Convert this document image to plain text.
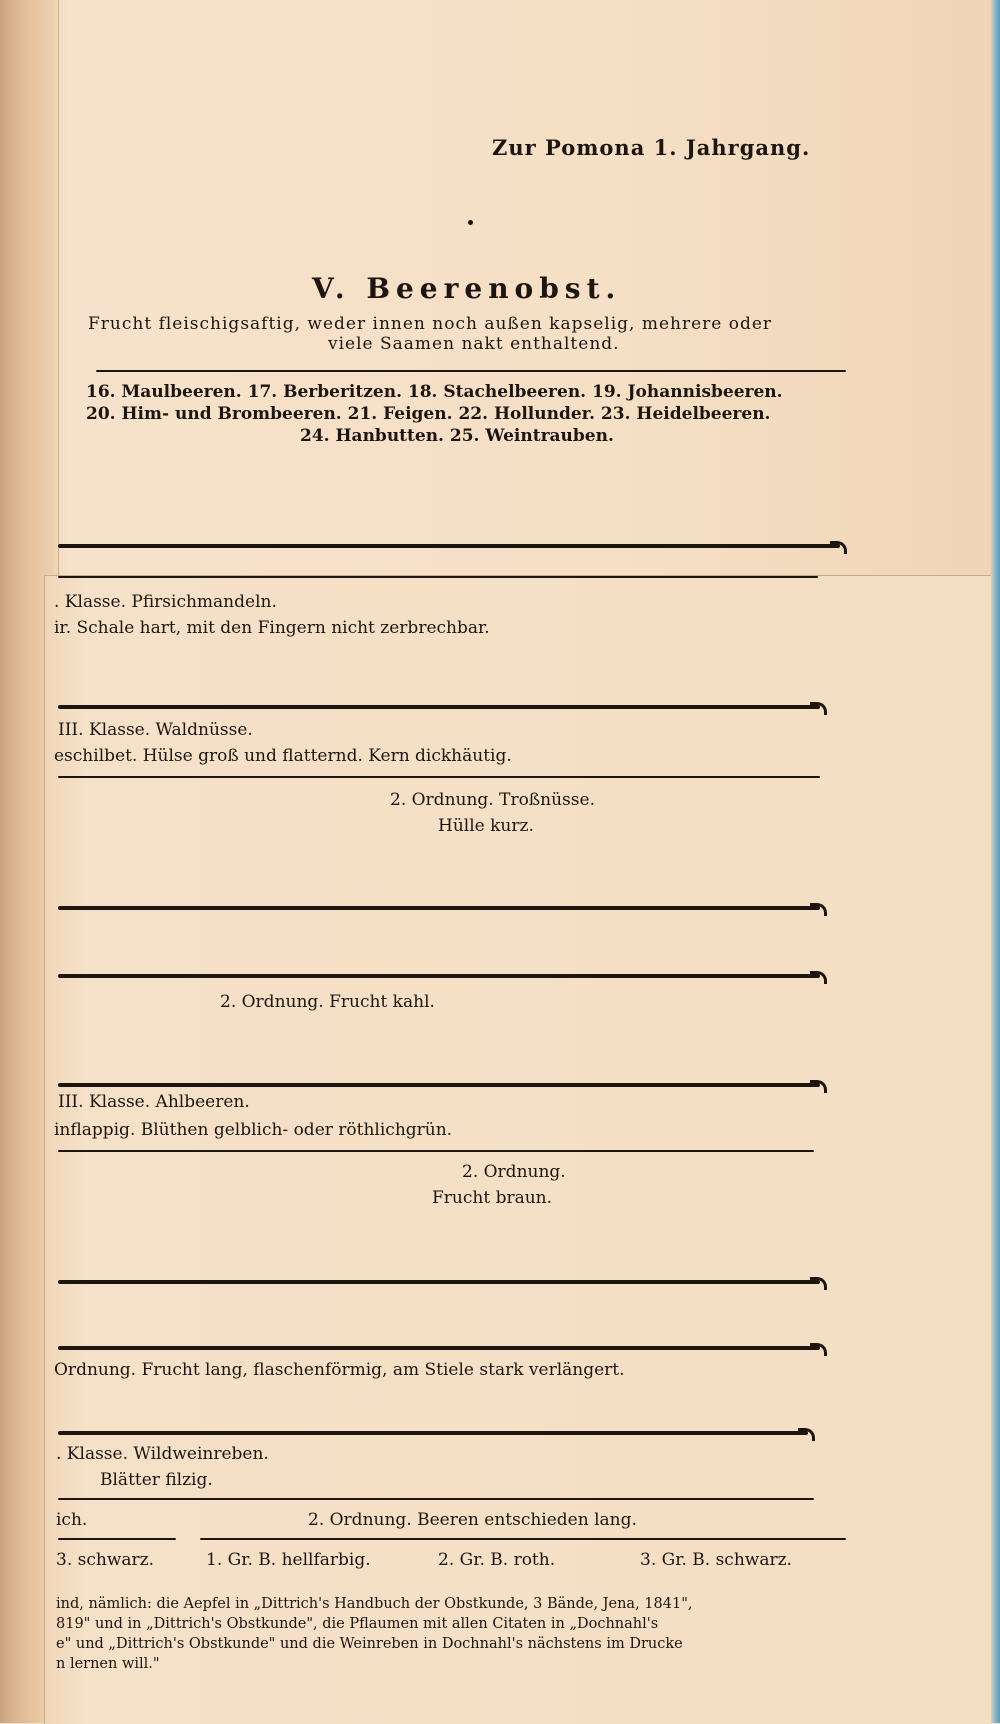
Zur Pomona 1. Jahrgang.
V. Beerenobst.
Frucht fleischigsaftig, weder innen noch außen kapselig, mehrere oder
viele Saamen nakt enthaltend.
16. Maulbeeren. 17. Berberitzen. 18. Stachelbeeren. 19. Johannisbeeren.
20. Him- und Brombeeren. 21. Feigen. 22. Hollunder. 23. Heidelbeeren.
24. Hanbutten. 25. Weintrauben.
. Klasse. Pfirsichmandeln.
ir. Schale hart, mit den Fingern nicht zerbrechbar.
III. Klasse. Waldnüsse.
eschilbet. Hülse groß und flatternd. Kern dickhäutig.
2. Ordnung. Troßnüsse.
Hülle kurz.
2. Ordnung. Frucht kahl.
III. Klasse. Ahlbeeren.
inflappig. Blüthen gelblich- oder röthlichgrün.
2. Ordnung.
Frucht braun.
Ordnung. Frucht lang, flaschenförmig, am Stiele stark verlängert.
. Klasse. Wildweinreben.
Blätter filzig.
ich.	2. Ordnung. Beeren entschieden lang.
3. schwarz.	1. Gr. B. hellfarbig.	2. Gr. B. roth.	3. Gr. B. schwarz.
ind, nämlich: die Aepfel in „Dittrich's Handbuch der Obstkunde, 3 Bände, Jena, 1841",
819" und in „Dittrich's Obstkunde", die Pflaumen mit allen Citaten in „Dochnahl's
e" und „Dittrich's Obstkunde" und die Weinreben in Dochnahl's nächstens im Drucke
n lernen will."
